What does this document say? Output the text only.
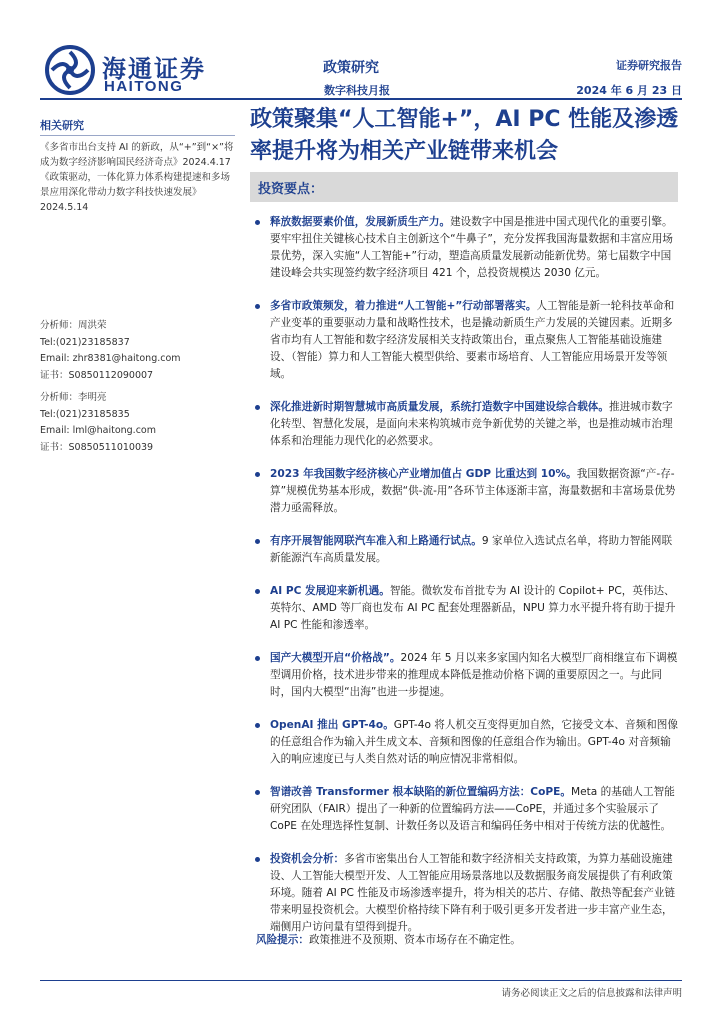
海通证券
HAITONG
政策研究
数字科技月报
证券研究报告
2024 年 6 月 23 日
相关研究
《多省市出台支持 AI 的新政，从“+”到“×”将成为数字经济影响国民经济奇点》2024.4.17
《政策驱动，一体化算力体系构建提速和多场景应用深化带动力数字科技快速发展》2024.5.14
分析师：周洪荣
Tel:(021)23185837
Email: zhr8381@haitong.com
证书：S0850112090007
分析师：李明亮
Tel:(021)23185835
Email: lml@haitong.com
证书：S0850511010039
政策聚集“人工智能+”，AI PC 性能及渗透率提升将为相关产业链带来机会
投资要点：
释放数据要素价值，发展新质生产力。建设数字中国是推进中国式现代化的重要引擎。要牢牢扭住关键核心技术自主创新这个“牛鼻子”，充分发挥我国海量数据和丰富应用场景优势，深入实施“人工智能+”行动，塑造高质量发展新动能新优势。第七届数字中国建设峰会共实现签约数字经济项目 421 个，总投资规模达 2030 亿元。
多省市政策频发，着力推进“人工智能+”行动部署落实。人工智能是新一轮科技革命和产业变革的重要驱动力量和战略性技术，也是撬动新质生产力发展的关键因素。近期多省市均有人工智能和数字经济发展相关支持政策出台，重点聚焦人工智能基础设施建设、（智能）算力和人工智能大模型供给、要素市场培育、人工智能应用场景开发等领域。
深化推进新时期智慧城市高质量发展，系统打造数字中国建设综合载体。推进城市数字化转型、智慧化发展，是面向未来构筑城市竞争新优势的关键之举，也是推动城市治理体系和治理能力现代化的必然要求。
2023 年我国数字经济核心产业增加值占 GDP 比重达到 10%。我国数据资源“产-存-算”规模优势基本形成，数据“供-流-用”各环节主体逐渐丰富，海量数据和丰富场景优势潜力亟需释放。
有序开展智能网联汽车准入和上路通行试点。9 家单位入选试点名单，将助力智能网联新能源汽车高质量发展。
AI PC 发展迎来新机遇。智能。微软发布首批专为 AI 设计的 Copilot+ PC，英伟达、英特尔、AMD 等厂商也发布 AI PC 配套处理器新品，NPU 算力水平提升将有助于提升 AI PC 性能和渗透率。
国产大模型开启“价格战”。2024 年 5 月以来多家国内知名大模型厂商相继宣布下调模型调用价格，技术进步带来的推理成本降低是推动价格下调的重要原因之一。与此同时，国内大模型“出海”也进一步提速。
OpenAI 推出 GPT-4o。GPT-4o 将人机交互变得更加自然，它接受文本、音频和图像的任意组合作为输入并生成文本、音频和图像的任意组合作为输出。GPT-4o 对音频输入的响应速度已与人类自然对话的响应情况非常相似。
智谱改善 Transformer 根本缺陷的新位置编码方法：CoPE。Meta 的基础人工智能研究团队（FAIR）提出了一种新的位置编码方法——CoPE，并通过多个实验展示了 CoPE 在处理选择性复制、计数任务以及语言和编码任务中相对于传统方法的优越性。
投资机会分析：多省市密集出台人工智能和数字经济相关支持政策，为算力基础设施建设、人工智能大模型开发、人工智能应用场景落地以及数据服务商发展提供了有利政策环境。随着 AI PC 性能及市场渗透率提升，将为相关的芯片、存储、散热等配套产业链带来明显投资机会。大模型价格持续下降有利于吸引更多开发者进一步丰富产业生态，端侧用户访问量有望得到提升。
风险提示：政策推进不及预期、资本市场存在不确定性。
请务必阅读正文之后的信息披露和法律声明
